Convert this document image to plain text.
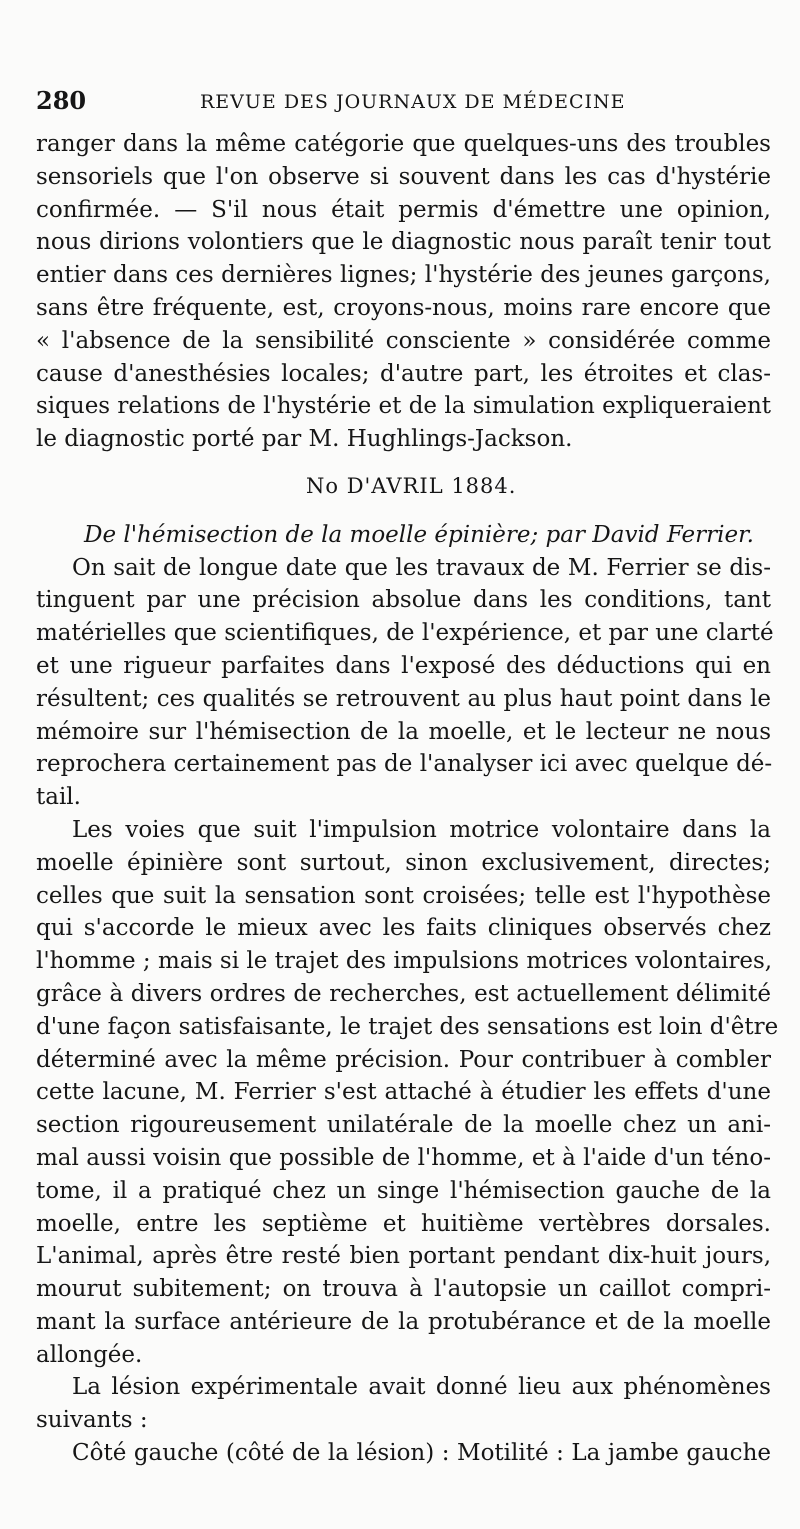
280	REVUE DES JOURNAUX DE MÉDECINE
ranger dans la même catégorie que quelques-uns des troubles
sensoriels que l'on observe si souvent dans les cas d'hystérie
confirmée. — S'il nous était permis d'émettre une opinion,
nous dirions volontiers que le diagnostic nous paraît tenir tout
entier dans ces dernières lignes; l'hystérie des jeunes garçons,
sans être fréquente, est, croyons-nous, moins rare encore que
« l'absence de la sensibilité consciente » considérée comme
cause d'anesthésies locales; d'autre part, les étroites et clas-
siques relations de l'hystérie et de la simulation expliqueraient
le diagnostic porté par M. Hughlings-Jackson.
No D'AVRIL 1884.
De l'hémisection de la moelle épinière; par David Ferrier.
On sait de longue date que les travaux de M. Ferrier se dis-
tinguent par une précision absolue dans les conditions, tant
matérielles que scientifiques, de l'expérience, et par une clarté
et une rigueur parfaites dans l'exposé des déductions qui en
résultent; ces qualités se retrouvent au plus haut point dans le
mémoire sur l'hémisection de la moelle, et le lecteur ne nous
reprochera certainement pas de l'analyser ici avec quelque dé-
tail.
Les voies que suit l'impulsion motrice volontaire dans la
moelle épinière sont surtout, sinon exclusivement, directes;
celles que suit la sensation sont croisées; telle est l'hypothèse
qui s'accorde le mieux avec les faits cliniques observés chez
l'homme ; mais si le trajet des impulsions motrices volontaires,
grâce à divers ordres de recherches, est actuellement délimité
d'une façon satisfaisante, le trajet des sensations est loin d'être
déterminé avec la même précision. Pour contribuer à combler
cette lacune, M. Ferrier s'est attaché à étudier les effets d'une
section rigoureusement unilatérale de la moelle chez un ani-
mal aussi voisin que possible de l'homme, et à l'aide d'un téno-
tome, il a pratiqué chez un singe l'hémisection gauche de la
moelle, entre les septième et huitième vertèbres dorsales.
L'animal, après être resté bien portant pendant dix-huit jours,
mourut subitement; on trouva à l'autopsie un caillot compri-
mant la surface antérieure de la protubérance et de la moelle
allongée.
La lésion expérimentale avait donné lieu aux phénomènes
suivants :
Côté gauche (côté de la lésion) : Motilité : La jambe gauche
